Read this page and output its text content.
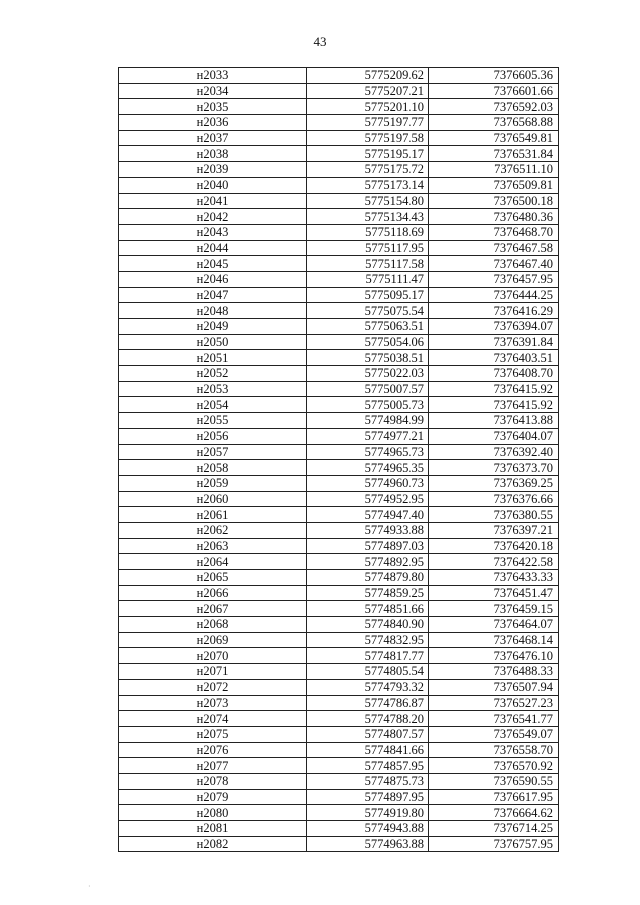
43
н2033	5775209.62	7376605.36
н2034	5775207.21	7376601.66
н2035	5775201.10	7376592.03
н2036	5775197.77	7376568.88
н2037	5775197.58	7376549.81
н2038	5775195.17	7376531.84
н2039	5775175.72	7376511.10
н2040	5775173.14	7376509.81
н2041	5775154.80	7376500.18
н2042	5775134.43	7376480.36
н2043	5775118.69	7376468.70
н2044	5775117.95	7376467.58
н2045	5775117.58	7376467.40
н2046	5775111.47	7376457.95
н2047	5775095.17	7376444.25
н2048	5775075.54	7376416.29
н2049	5775063.51	7376394.07
н2050	5775054.06	7376391.84
н2051	5775038.51	7376403.51
н2052	5775022.03	7376408.70
н2053	5775007.57	7376415.92
н2054	5775005.73	7376415.92
н2055	5774984.99	7376413.88
н2056	5774977.21	7376404.07
н2057	5774965.73	7376392.40
н2058	5774965.35	7376373.70
н2059	5774960.73	7376369.25
н2060	5774952.95	7376376.66
н2061	5774947.40	7376380.55
н2062	5774933.88	7376397.21
н2063	5774897.03	7376420.18
н2064	5774892.95	7376422.58
н2065	5774879.80	7376433.33
н2066	5774859.25	7376451.47
н2067	5774851.66	7376459.15
н2068	5774840.90	7376464.07
н2069	5774832.95	7376468.14
н2070	5774817.77	7376476.10
н2071	5774805.54	7376488.33
н2072	5774793.32	7376507.94
н2073	5774786.87	7376527.23
н2074	5774788.20	7376541.77
н2075	5774807.57	7376549.07
н2076	5774841.66	7376558.70
н2077	5774857.95	7376570.92
н2078	5774875.73	7376590.55
н2079	5774897.95	7376617.95
н2080	5774919.80	7376664.62
н2081	5774943.88	7376714.25
н2082	5774963.88	7376757.95
·
